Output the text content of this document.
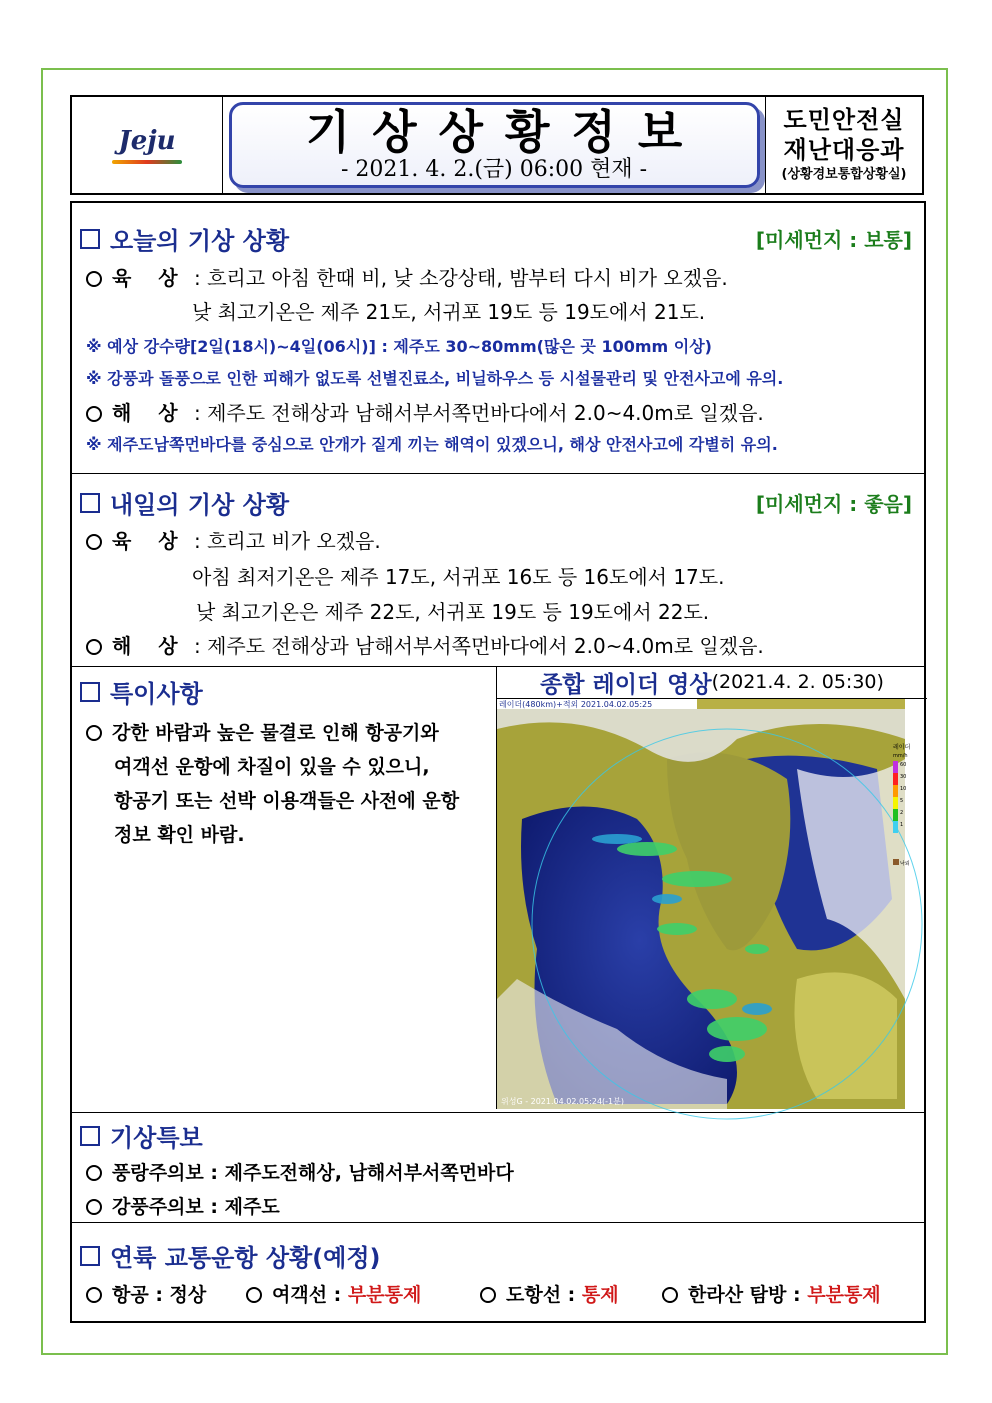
Jeju	기상상황정보
- 2021. 4. 2.(금) 06:00 현재 -
도민안전실
재난대응과
(상황경보통합상황실)
오늘의 기상 상황	[미세먼지 : 보통]
육 상 : 흐리고 아침 한때 비, 낮 소강상태, 밤부터 다시 비가 오겠음.
낮 최고기온은 제주 21도, 서귀포 19도 등 19도에서 21도.
※ 예상 강수량[2일(18시)~4일(06시)] : 제주도 30~80mm(많은 곳 100mm 이상)
※ 강풍과 돌풍으로 인한 피해가 없도록 선별진료소, 비닐하우스 등 시설물관리 및 안전사고에 유의.
해 상 : 제주도 전해상과 남해서부서쪽먼바다에서 2.0~4.0m로 일겠음.
※ 제주도남쪽먼바다를 중심으로 안개가 짙게 끼는 해역이 있겠으니, 해상 안전사고에 각별히 유의.
내일의 기상 상황	[미세먼지 : 좋음]
육 상 : 흐리고 비가 오겠음.
아침 최저기온은 제주 17도, 서귀포 16도 등 16도에서 17도.
낮 최고기온은 제주 22도, 서귀포 19도 등 19도에서 22도.
해 상 : 제주도 전해상과 남해서부서쪽먼바다에서 2.0~4.0m로 일겠음.
특이사항
강한 바람과 높은 물결로 인해 항공기와
여객선 운항에 차질이 있을 수 있으니,
항공기 또는 선박 이용객들은 사전에 운항
정보 확인 바람.
종합 레이더 영상 (2021.4. 2. 05:30)
레이더(480km)+적외 2021.04.02.05:25
위성G - 2021.04.02.05:24(-1분)
레이더
mm/h
60
30
10
5
2
1
낙뢰
기상특보
풍랑주의보 : 제주도전해상, 남해서부서쪽먼바다
강풍주의보 : 제주도
연륙 교통운항 상황(예정)
항공 : 정상	여객선 : 부분통제	도항선 : 통제	한라산 탐방 : 부분통제
